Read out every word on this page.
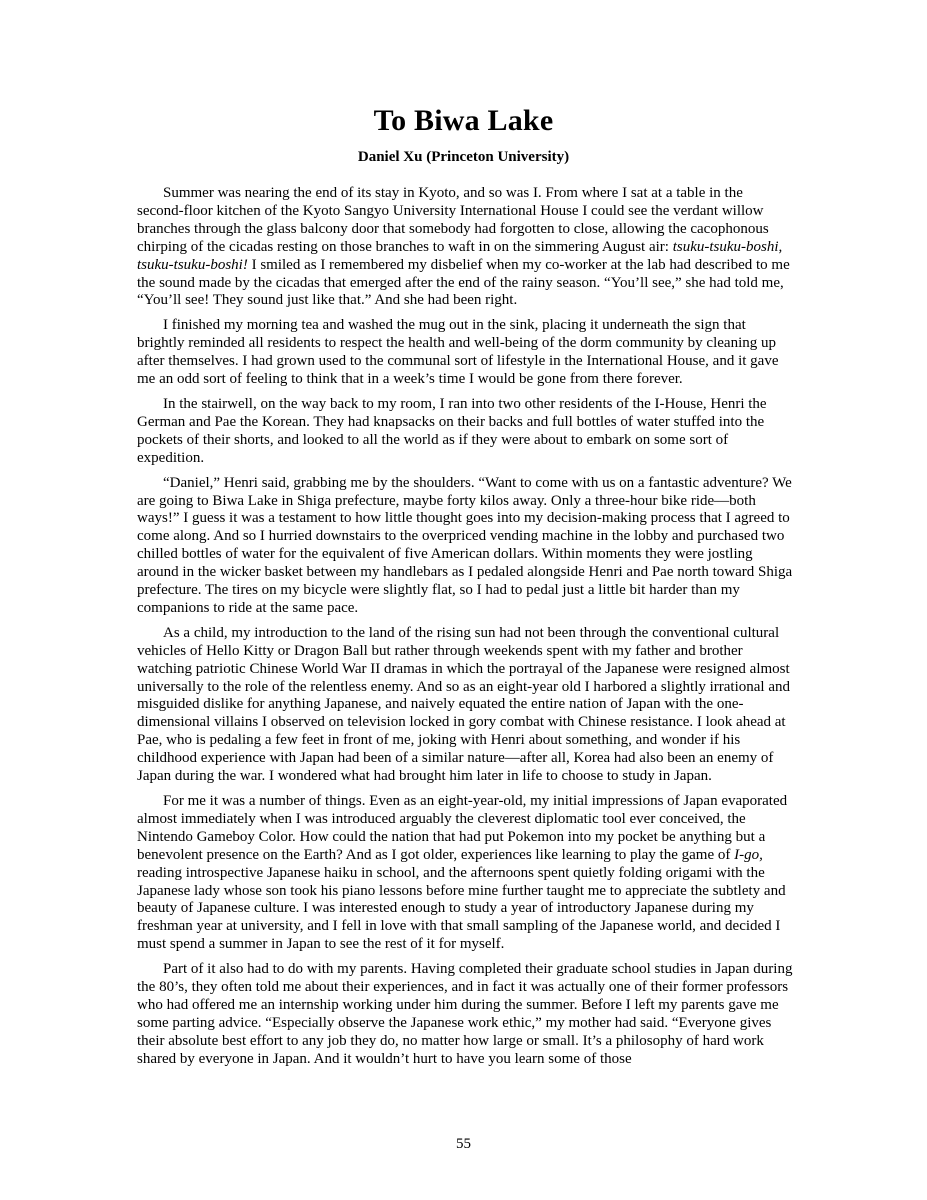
To Biwa Lake
Daniel Xu (Princeton University)

Summer was nearing the end of its stay in Kyoto, and so was I. From where I sat at a table in the second-floor kitchen of the Kyoto Sangyo University International House I could see the verdant willow branches through the glass balcony door that somebody had forgotten to close, allowing the cacophonous chirping of the cicadas resting on those branches to waft in on the simmering August air: tsuku-tsuku-boshi, tsuku-tsuku-boshi! I smiled as I remembered my disbelief when my co-worker at the lab had described to me the sound made by the cicadas that emerged after the end of the rainy season. “You’ll see,” she had told me, “You’ll see! They sound just like that.” And she had been right.

I finished my morning tea and washed the mug out in the sink, placing it underneath the sign that brightly reminded all residents to respect the health and well-being of the dorm community by cleaning up after themselves. I had grown used to the communal sort of lifestyle in the International House, and it gave me an odd sort of feeling to think that in a week’s time I would be gone from there forever.

In the stairwell, on the way back to my room, I ran into two other residents of the I-House, Henri the German and Pae the Korean. They had knapsacks on their backs and full bottles of water stuffed into the pockets of their shorts, and looked to all the world as if they were about to embark on some sort of expedition.

“Daniel,” Henri said, grabbing me by the shoulders. “Want to come with us on a fantastic adventure? We are going to Biwa Lake in Shiga prefecture, maybe forty kilos away. Only a three-hour bike ride—both ways!” I guess it was a testament to how little thought goes into my decision-making process that I agreed to come along. And so I hurried downstairs to the overpriced vending machine in the lobby and purchased two chilled bottles of water for the equivalent of five American dollars. Within moments they were jostling around in the wicker basket between my handlebars as I pedaled alongside Henri and Pae north toward Shiga prefecture. The tires on my bicycle were slightly flat, so I had to pedal just a little bit harder than my companions to ride at the same pace.

As a child, my introduction to the land of the rising sun had not been through the conventional cultural vehicles of Hello Kitty or Dragon Ball but rather through weekends spent with my father and brother watching patriotic Chinese World War II dramas in which the portrayal of the Japanese were resigned almost universally to the role of the relentless enemy. And so as an eight-year old I harbored a slightly irrational and misguided dislike for anything Japanese, and naively equated the entire nation of Japan with the one-dimensional villains I observed on television locked in gory combat with Chinese resistance. I look ahead at Pae, who is pedaling a few feet in front of me, joking with Henri about something, and wonder if his childhood experience with Japan had been of a similar nature—after all, Korea had also been an enemy of Japan during the war. I wondered what had brought him later in life to choose to study in Japan.

For me it was a number of things. Even as an eight-year-old, my initial impressions of Japan evaporated almost immediately when I was introduced arguably the cleverest diplomatic tool ever conceived, the Nintendo Gameboy Color. How could the nation that had put Pokemon into my pocket be anything but a benevolent presence on the Earth? And as I got older, experiences like learning to play the game of I-go, reading introspective Japanese haiku in school, and the afternoons spent quietly folding origami with the Japanese lady whose son took his piano lessons before mine further taught me to appreciate the subtlety and beauty of Japanese culture. I was interested enough to study a year of introductory Japanese during my freshman year at university, and I fell in love with that small sampling of the Japanese world, and decided I must spend a summer in Japan to see the rest of it for myself.

Part of it also had to do with my parents. Having completed their graduate school studies in Japan during the 80’s, they often told me about their experiences, and in fact it was actually one of their former professors who had offered me an internship working under him during the summer. Before I left my parents gave me some parting advice. “Especially observe the Japanese work ethic,” my mother had said. “Everyone gives their absolute best effort to any job they do, no matter how large or small. It’s a philosophy of hard work shared by everyone in Japan. And it wouldn’t hurt to have you learn some of those

55
